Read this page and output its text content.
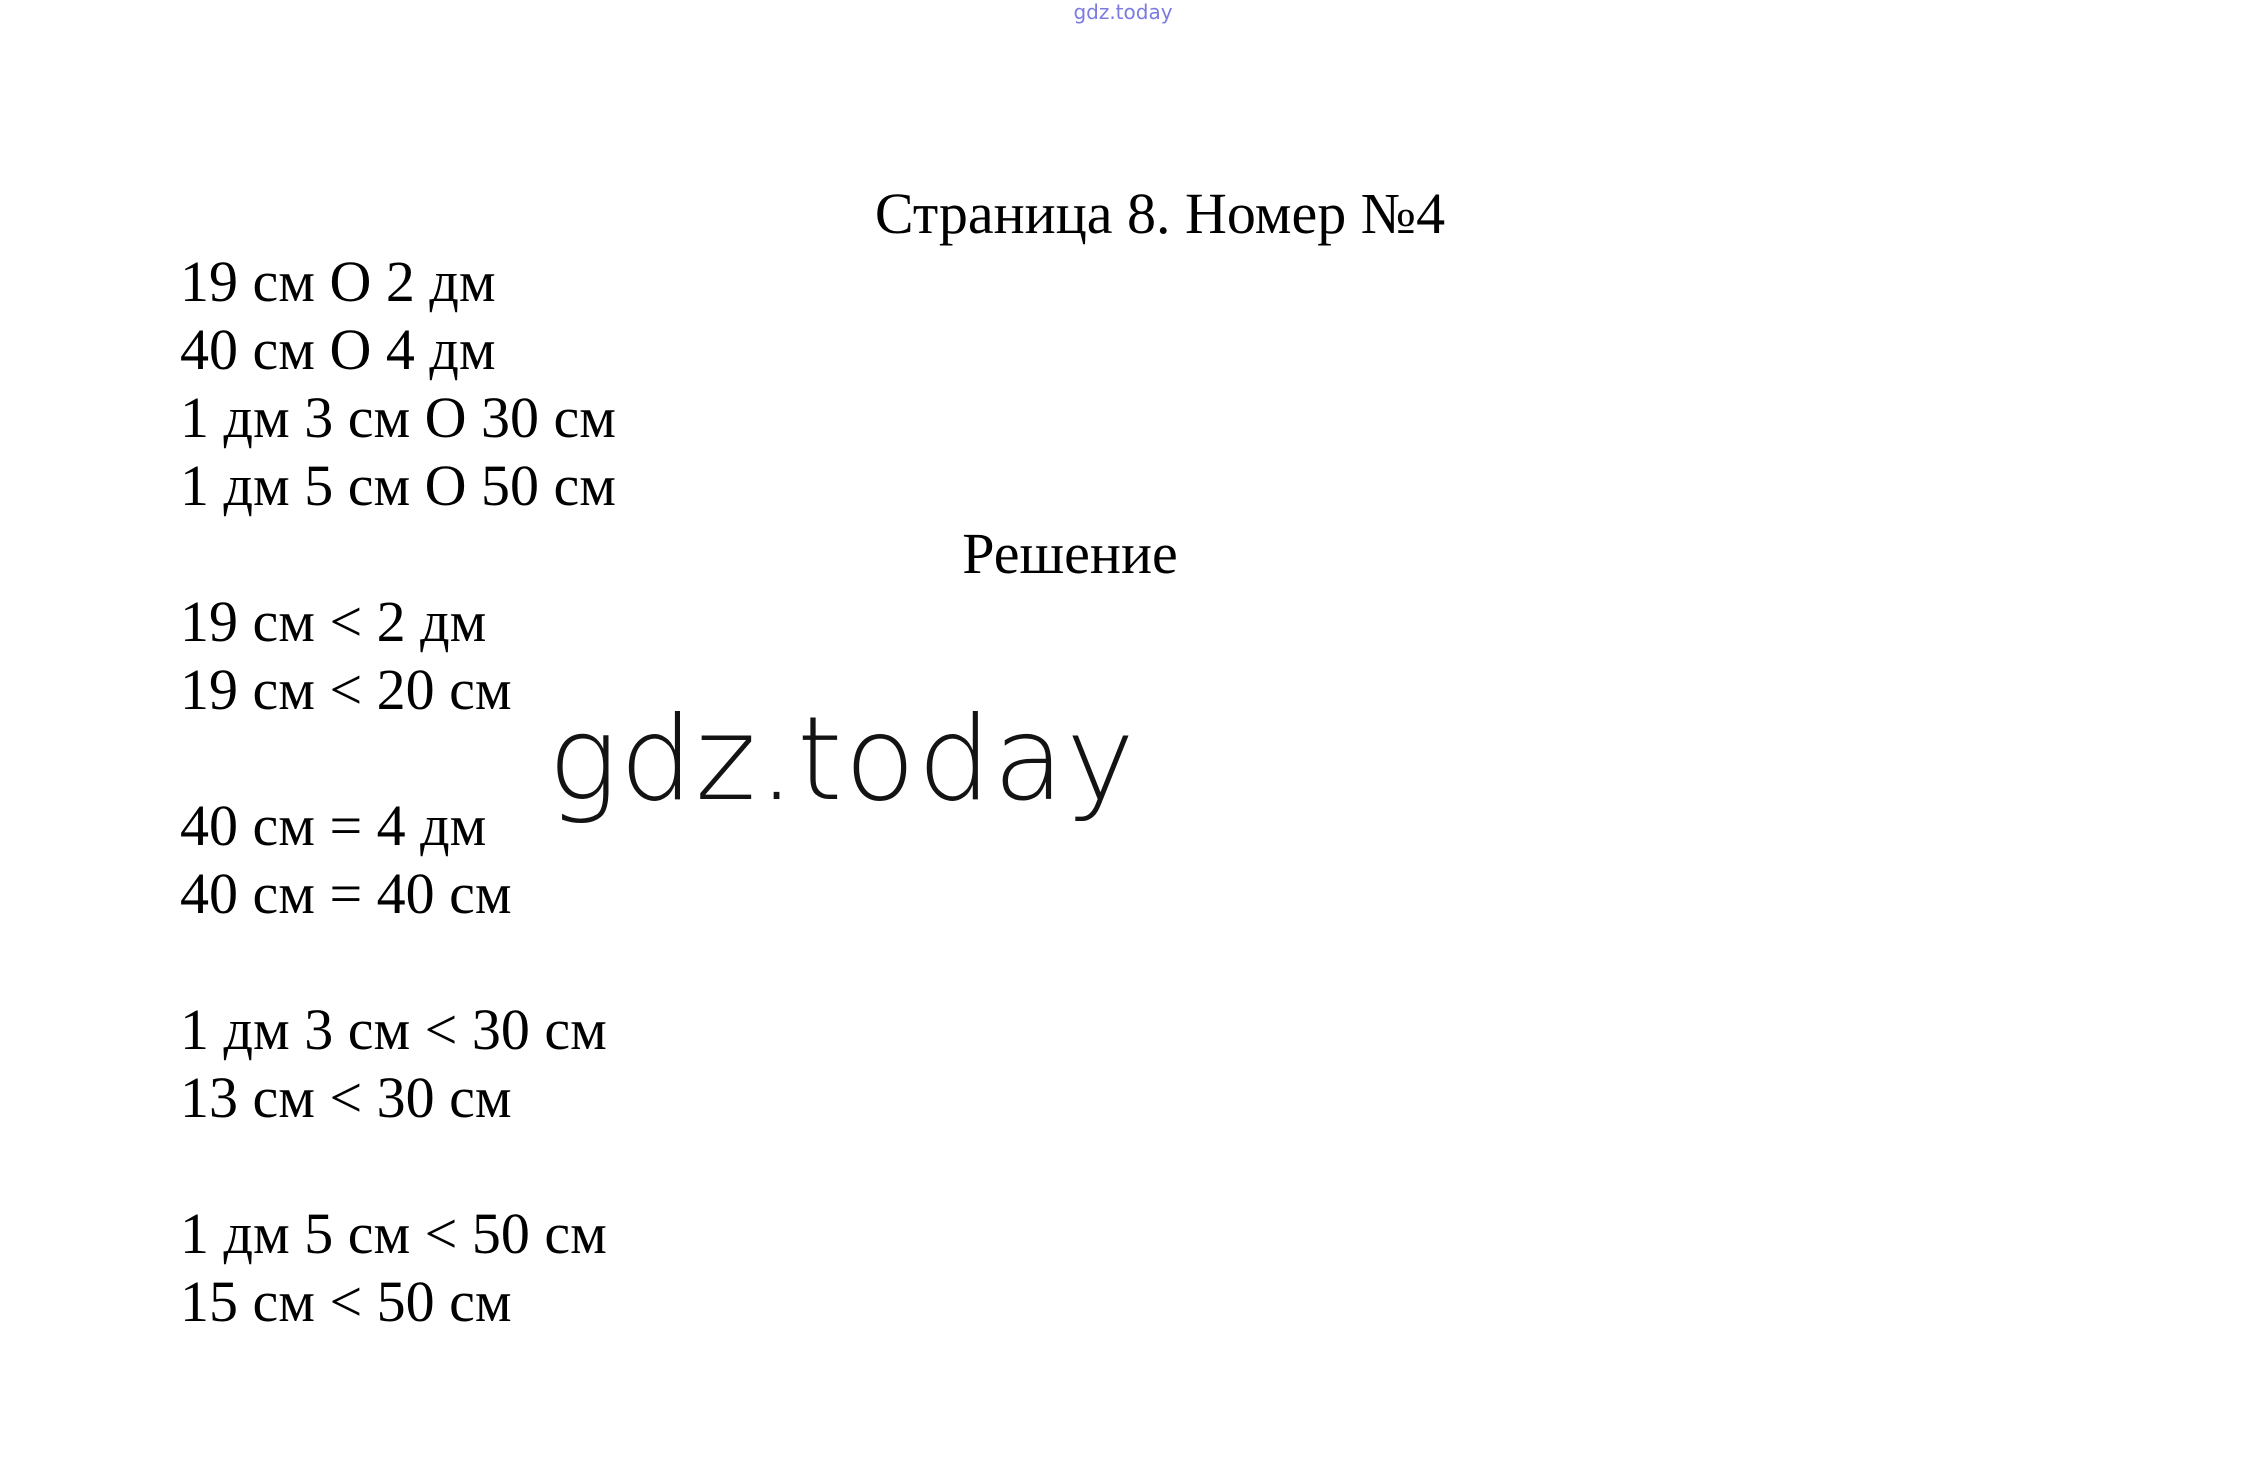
gdz.today
Страница 8. Номер №4
19 см O 2 дм
40 см O 4 дм
1 дм 3 см O 30 см
1 дм 5 см O 50 см
Решение
19 см < 2 дм
19 см < 20 см
40 см = 4 дм
40 см = 40 см
1 дм 3 см < 30 см
13 см < 30 см
1 дм 5 см < 50 см
15 см < 50 см
gdz.today
